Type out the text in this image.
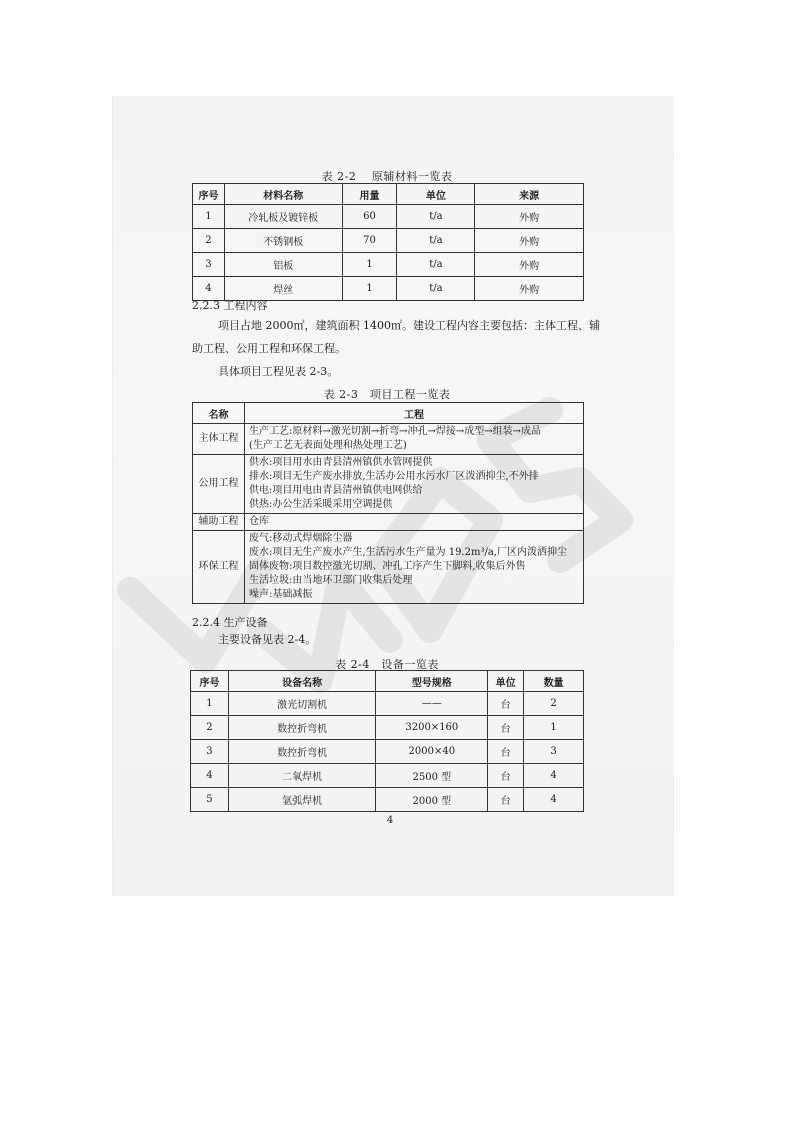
表 2-2　 原辅材料一览表
序号	材料名称	用量	单位	来源
1	冷轧板及镀锌板	60	t/a	外购
2	不锈钢板	70	t/a	外购
3	铝板	1	t/a	外购
4	焊丝	1	t/a	外购
2.2.3 工程内容
项目占地 2000㎡，建筑面积 1400㎡。建设工程内容主要包括：主体工程、辅
助工程、公用工程和环保工程。
具体项目工程见表 2-3。
表 2-3　项目工程一览表
名称	工程
主体工程	生产工艺:原材料→激光切割→折弯→冲孔→焊接→成型→组装→成品
(生产工艺无表面处理和热处理工艺)

公用工程	供水:项目用水由青县清州镇供水管网提供
排水:项目无生产废水排放,生活办公用水污水厂区泼洒抑尘,不外排
供电:项目用电由青县清州镇供电网供给
供热:办公生活采暖采用空调提供

辅助工程	仓库

环保工程	废气:移动式焊烟除尘器
废水:项目无生产废水产生,生活污水生产量为 19.2m³/a,厂区内泼洒抑尘
固体废物:项目数控激光切割、冲孔工序产生下脚料,收集后外售
生活垃圾:由当地环卫部门收集后处理
噪声:基础减振
2.2.4 生产设备
主要设备见表 2-4。
表 2-4　设备一览表
序号	设备名称	型号规格	单位	数量
1	激光切割机	——	台	2
2	数控折弯机	3200×160	台	1
3	数控折弯机	2000×40	台	3
4	二氧焊机	2500 型	台	4
5	氩弧焊机	2000 型	台	4
4
